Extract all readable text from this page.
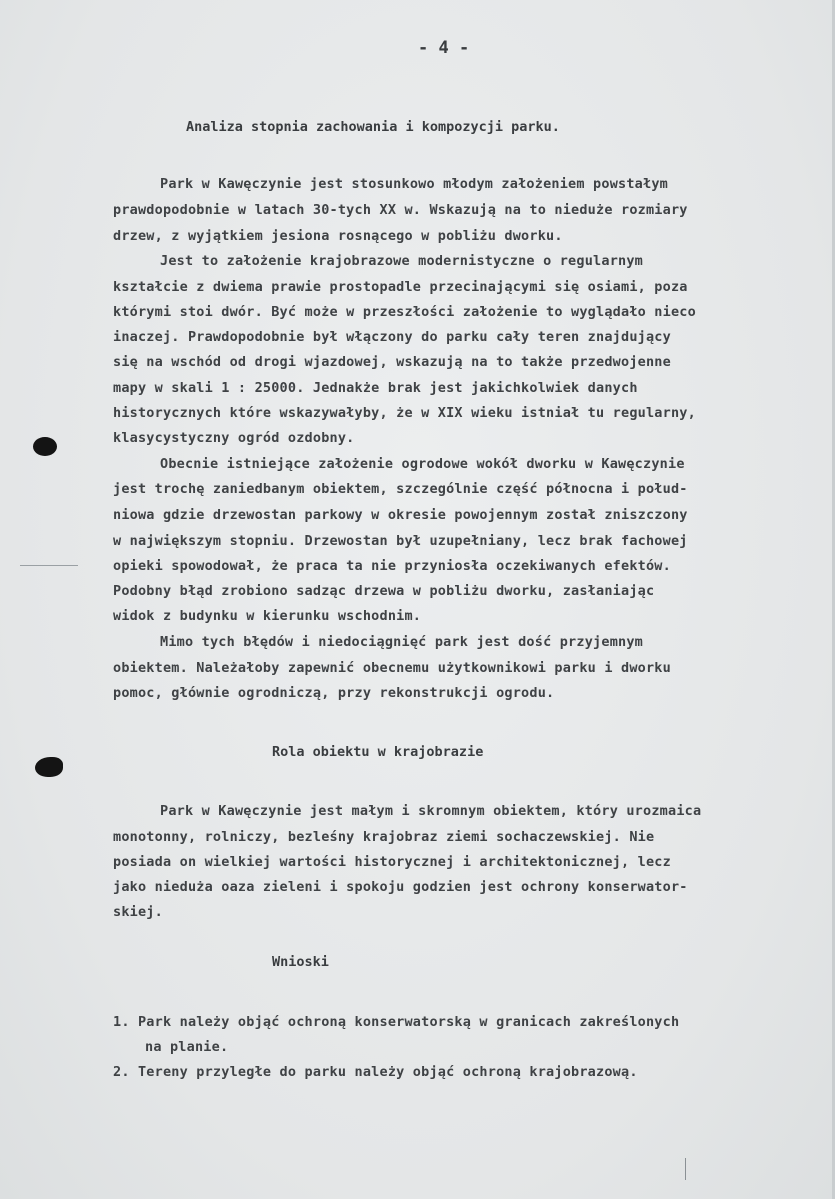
- 4 -
Analiza stopnia zachowania i kompozycji parku.
Park w Kawęczynie jest stosunkowo młodym założeniem powstałym
prawdopodobnie w latach 30-tych XX w. Wskazują na to nieduże rozmiary
drzew, z wyjątkiem jesiona rosnącego w pobliżu dworku.
Jest to założenie krajobrazowe modernistyczne o regularnym
kształcie z dwiema prawie prostopadle przecinającymi się osiami, poza
którymi stoi dwór. Być może w przeszłości założenie to wyglądało nieco
inaczej. Prawdopodobnie był włączony do parku cały teren znajdujący
się na wschód od drogi wjazdowej, wskazują na to także przedwojenne
mapy w skali 1 : 25000. Jednakże brak jest jakichkolwiek danych
historycznych które wskazywałyby, że w XIX wieku istniał tu regularny,
klasycystyczny ogród ozdobny.
Obecnie istniejące założenie ogrodowe wokół dworku w Kawęczynie
jest trochę zaniedbanym obiektem, szczególnie część północna i połud-
niowa gdzie drzewostan parkowy w okresie powojennym został zniszczony
w największym stopniu. Drzewostan był uzupełniany, lecz brak fachowej
opieki spowodował, że praca ta nie przyniosła oczekiwanych efektów.
Podobny błąd zrobiono sadząc drzewa w pobliżu dworku, zasłaniając
widok z budynku w kierunku wschodnim.
Mimo tych błędów i niedociągnięć park jest dość przyjemnym
obiektem. Należałoby zapewnić obecnemu użytkownikowi parku i dworku
pomoc, głównie ogrodniczą, przy rekonstrukcji ogrodu.
Rola obiektu w krajobrazie
Park w Kawęczynie jest małym i skromnym obiektem, który urozmaica
monotonny, rolniczy, bezleśny krajobraz ziemi sochaczewskiej. Nie
posiada on wielkiej wartości historycznej i architektonicznej, lecz
jako nieduża oaza zieleni i spokoju godzien jest ochrony konserwator-
skiej.
Wnioski
1. Park należy objąć ochroną konserwatorską w granicach zakreślonych
na planie.
2. Tereny przyległe do parku należy objąć ochroną krajobrazową.
